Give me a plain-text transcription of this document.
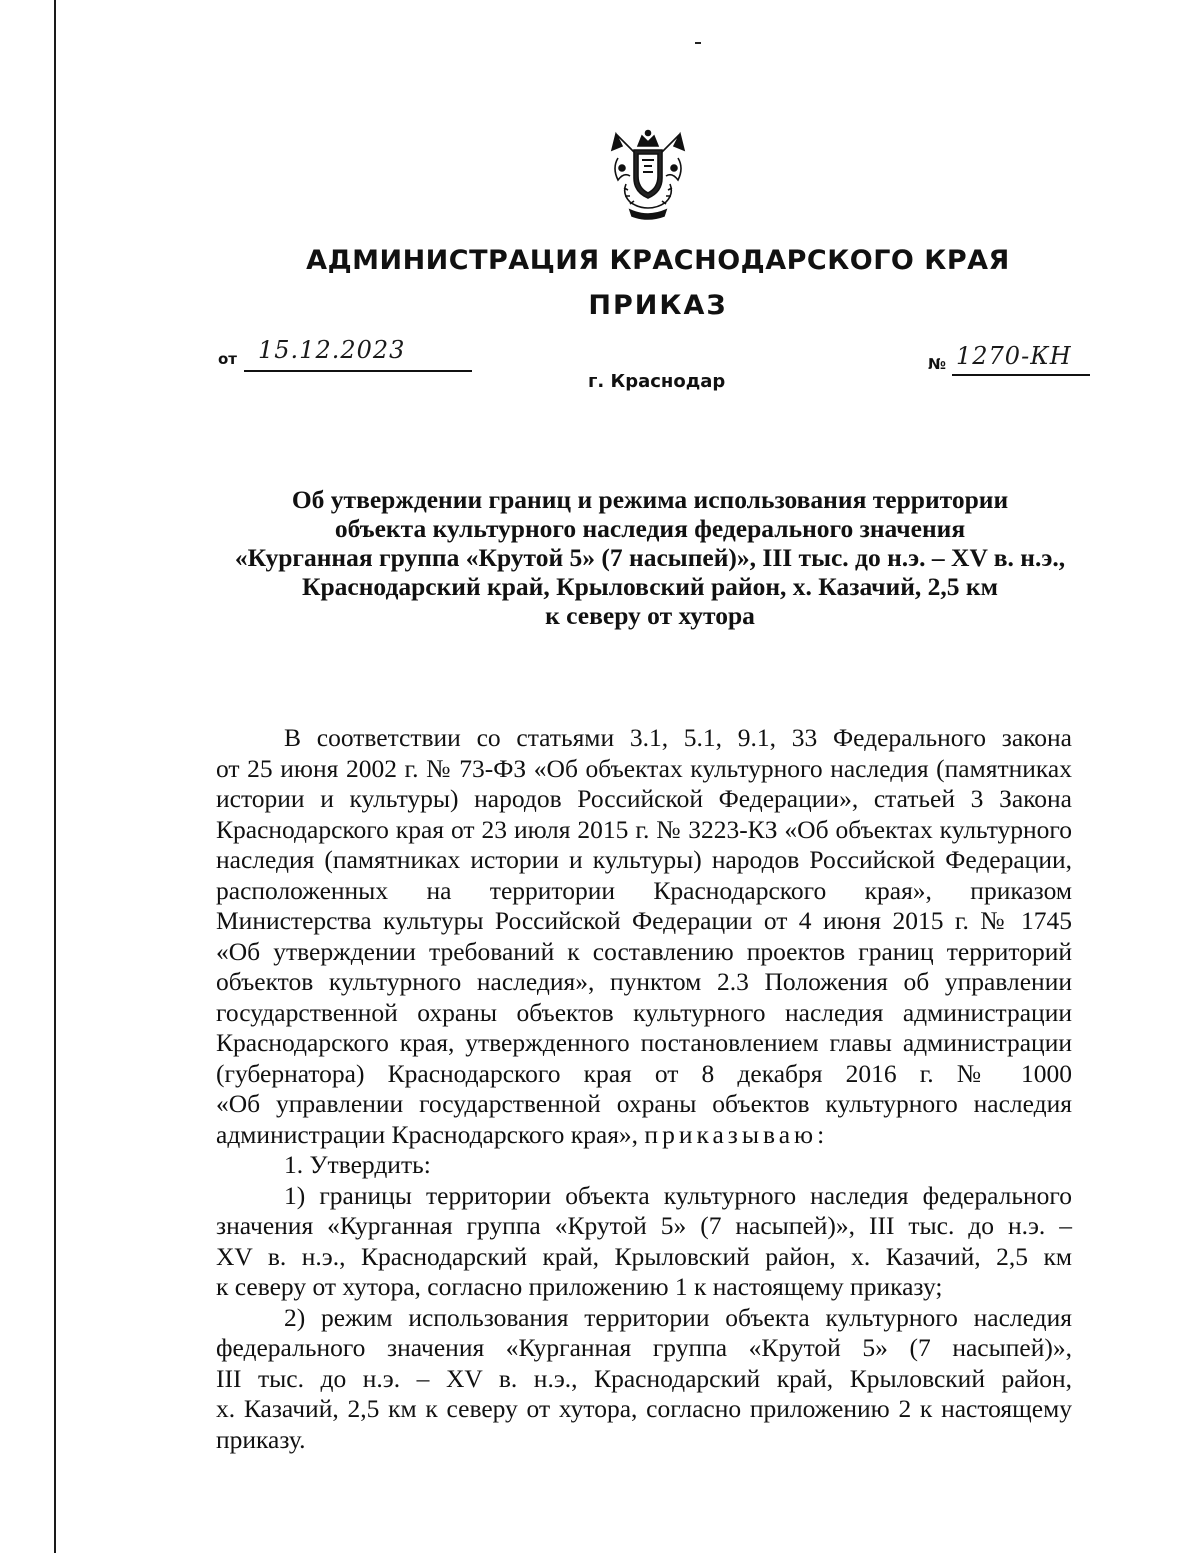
АДМИНИСТРАЦИЯ КРАСНОДАРСКОГО КРАЯ
ПРИКАЗ
от 15.12.2023	№ 1270-КН
г. Краснодар
Об утверждении границ и режима использования территории
объекта культурного наследия федерального значения
«Курганная группа «Крутой 5» (7 насыпей)», III тыс. до н.э. – XV в. н.э.,
Краснодарский край, Крыловский район, х. Казачий, 2,5 км
к северу от хутора
В соответствии со статьями 3.1, 5.1, 9.1, 33 Федерального закона
от 25 июня 2002 г. № 73-ФЗ «Об объектах культурного наследия (памятниках
истории и культуры) народов Российской Федерации», статьей 3 Закона
Краснодарского края от 23 июля 2015 г. № 3223-КЗ «Об объектах культурного
наследия (памятниках истории и культуры) народов Российской Федерации,
расположенных на территории Краснодарского края», приказом
Министерства культуры Российской Федерации от 4 июня 2015 г. № 1745
«Об утверждении требований к составлению проектов границ территорий
объектов культурного наследия», пунктом 2.3 Положения об управлении
государственной охраны объектов культурного наследия администрации
Краснодарского края, утвержденного постановлением главы администрации
(губернатора) Краснодарского края от 8 декабря 2016 г. № 1000
«Об управлении государственной охраны объектов культурного наследия
администрации Краснодарского края», приказываю:
1. Утвердить:
1) границы территории объекта культурного наследия федерального
значения «Курганная группа «Крутой 5» (7 насыпей)», III тыс. до н.э. –
XV в. н.э., Краснодарский край, Крыловский район, х. Казачий, 2,5 км
к северу от хутора, согласно приложению 1 к настоящему приказу;
2) режим использования территории объекта культурного наследия
федерального значения «Курганная группа «Крутой 5» (7 насыпей)»,
III тыс. до н.э. – XV в. н.э., Краснодарский край, Крыловский район,
х. Казачий, 2,5 км к северу от хутора, согласно приложению 2 к настоящему
приказу.
